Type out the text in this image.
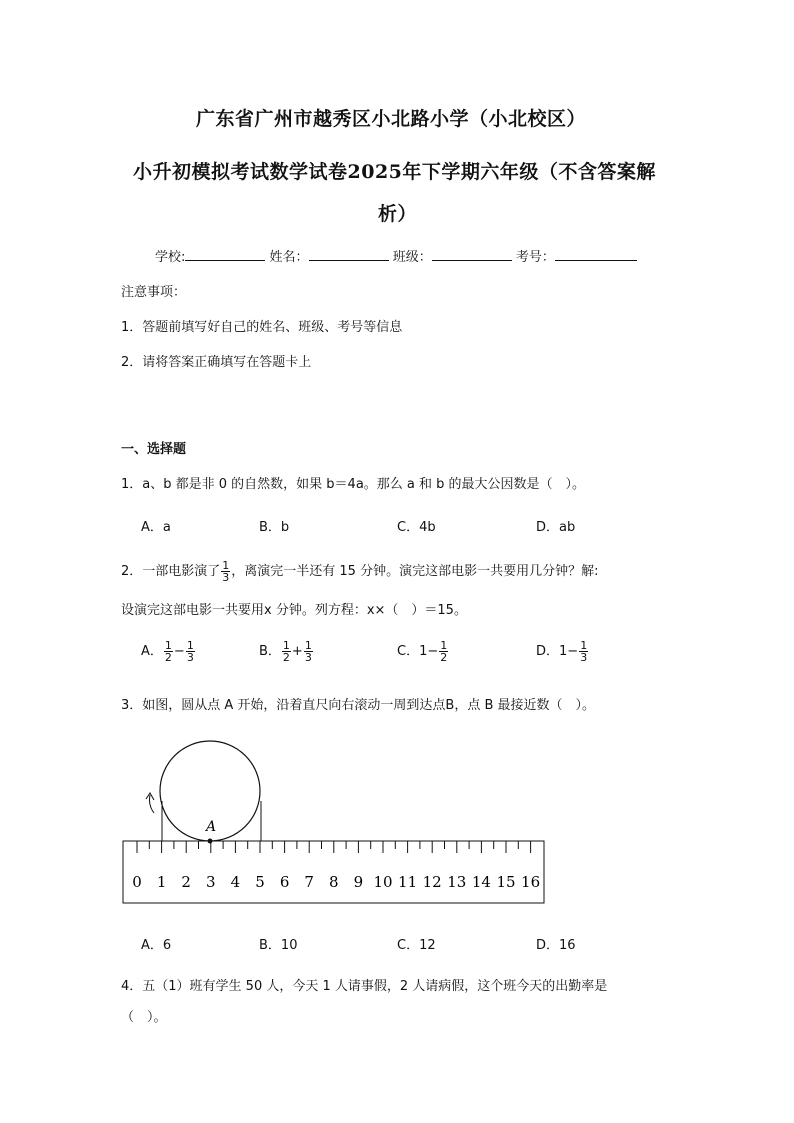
广东省广州市越秀区小北路小学（小北校区）
小升初模拟考试数学试卷2025年下学期六年级（不含答案解
析）
学校:	姓名：	班级：	考号：
注意事项：
1．答题前填写好自己的姓名、班级、考号等信息
2．请将答案正确填写在答题卡上
一、选择题
1．a、b 都是非 0 的自然数，如果 b＝4a。那么 a 和 b 的最大公因数是（　）。
A．a	B．b	C．4b	D．ab
2．一部电影演了 $\frac{1}{3}$ ，离演完一半还有 15 分钟。演完这部电影一共要用几分钟？解:
设演完这部电影一共要用x 分钟。列方程：x×（　）＝15。
A． $\frac{1}{2} - \frac{1}{3}$	B． $\frac{1}{2} + \frac{1}{3}$	C．$1- \frac{1}{2}$	D．$1- \frac{1}{3}$
3．如图，圆从点 A 开始，沿着直尺向右滚动一周到达点B，点 B 最接近数（　）。
A
0 1 2 3 4 5 6 7 8 9 10 11 12 13 14 15 16
A．6	B．10	C．12	D．16
4．五（1）班有学生 50 人，今天 1 人请事假，2 人请病假，这个班今天的出勤率是
（　）。
